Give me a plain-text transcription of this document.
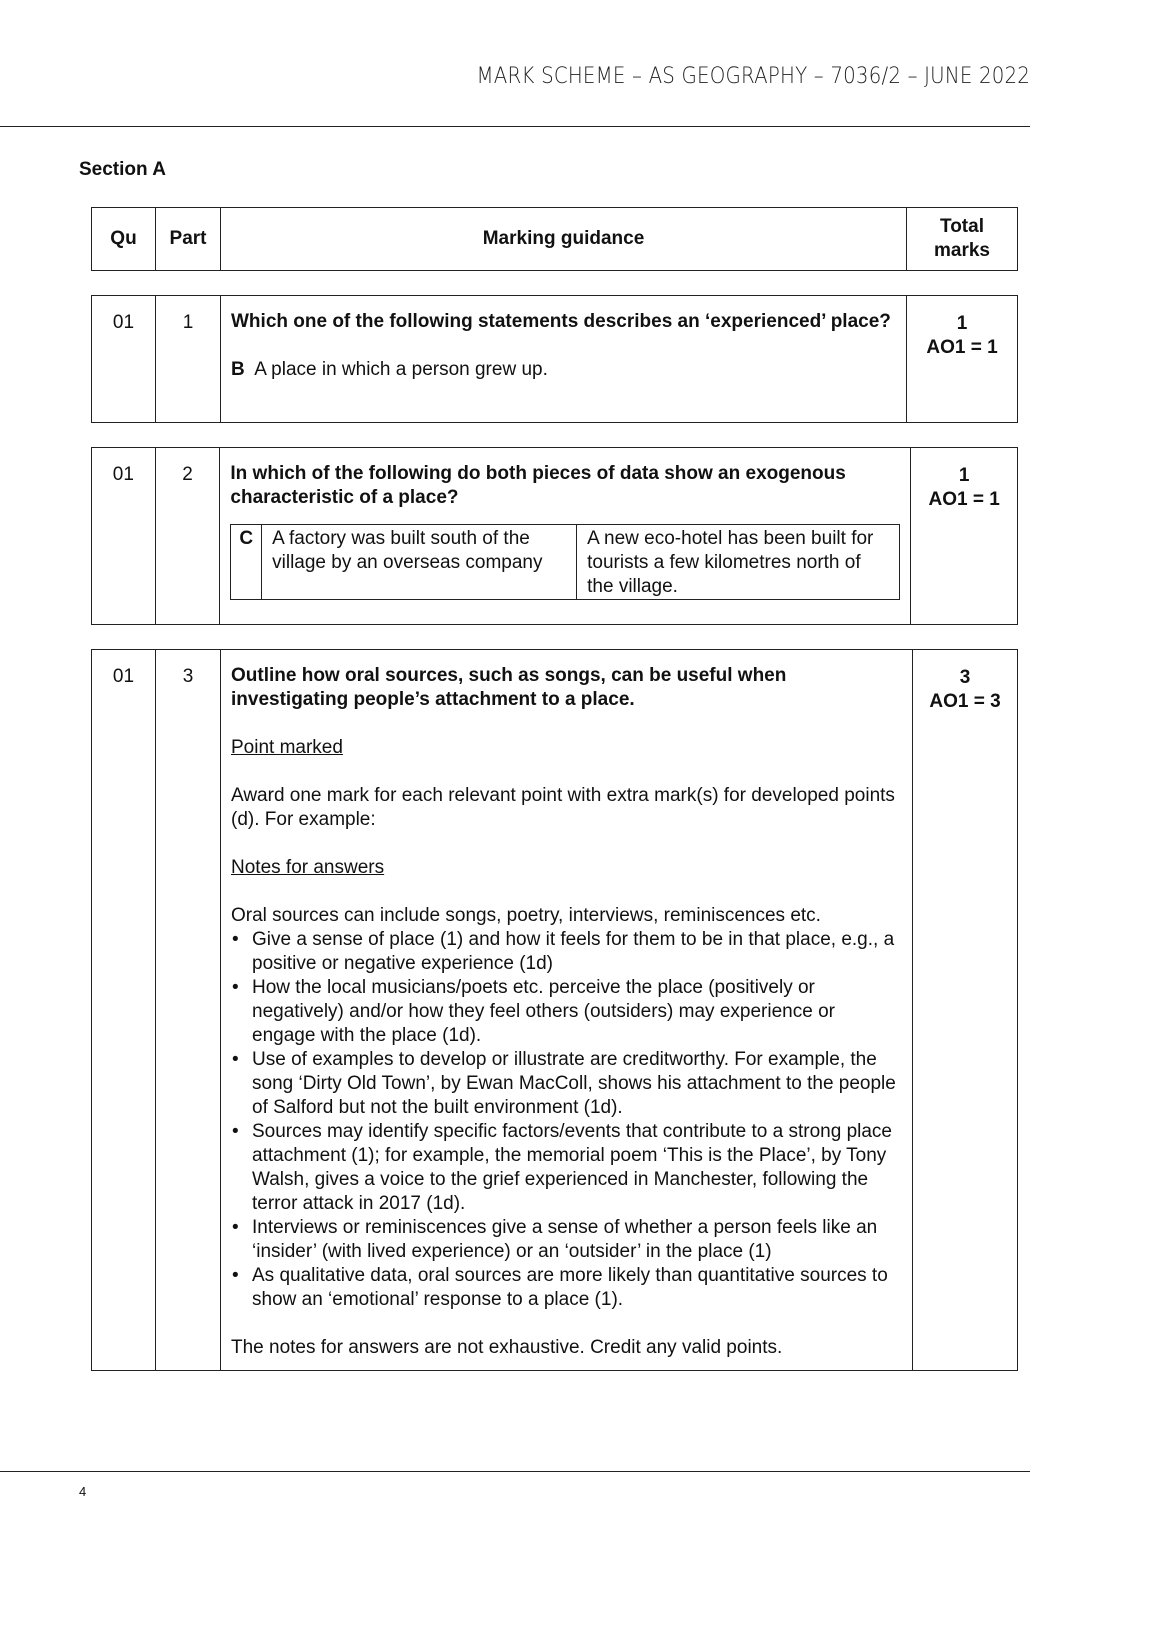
MARK SCHEME – AS GEOGRAPHY – 7036/2 – JUNE 2022
Section A
Qu	Part	Marking guidance	Total
marks
01	1	Which one of the following statements describes an ‘experienced’ place?

B A place in which a person grew up.

	1
AO1 = 1
01	2	In which of the following do both pieces of data show an exogenous characteristic of a place?

C	A factory was built south of the village by an overseas company	A new eco-hotel has been built for tourists a few kilometres north of the village.
	1
AO1 = 1
01	3	Outline how oral sources, such as songs, can be useful when investigating people’s attachment to a place.

Point marked

Award one mark for each relevant point with extra mark(s) for developed points (d). For example:

Notes for answers

Oral sources can include songs, poetry, interviews, reminiscences etc.

• Give a sense of place (1) and how it feels for them to be in that place, e.g., a positive or negative experience (1d)
• How the local musicians/poets etc. perceive the place (positively or negatively) and/or how they feel others (outsiders) may experience or engage with the place (1d).
• Use of examples to develop or illustrate are creditworthy. For example, the song ‘Dirty Old Town’, by Ewan MacColl, shows his attachment to the people of Salford but not the built environment (1d).
• Sources may identify specific factors/events that contribute to a strong place attachment (1); for example, the memorial poem ‘This is the Place’, by Tony Walsh, gives a voice to the grief experienced in Manchester, following the terror attack in 2017 (1d).
• Interviews or reminiscences give a sense of whether a person feels like an ‘insider’ (with lived experience) or an ‘outsider’ in the place (1)
• As qualitative data, oral sources are more likely than quantitative sources to show an ‘emotional’ response to a place (1).

The notes for answers are not exhaustive. Credit any valid points.

	3
AO1 = 3
4
